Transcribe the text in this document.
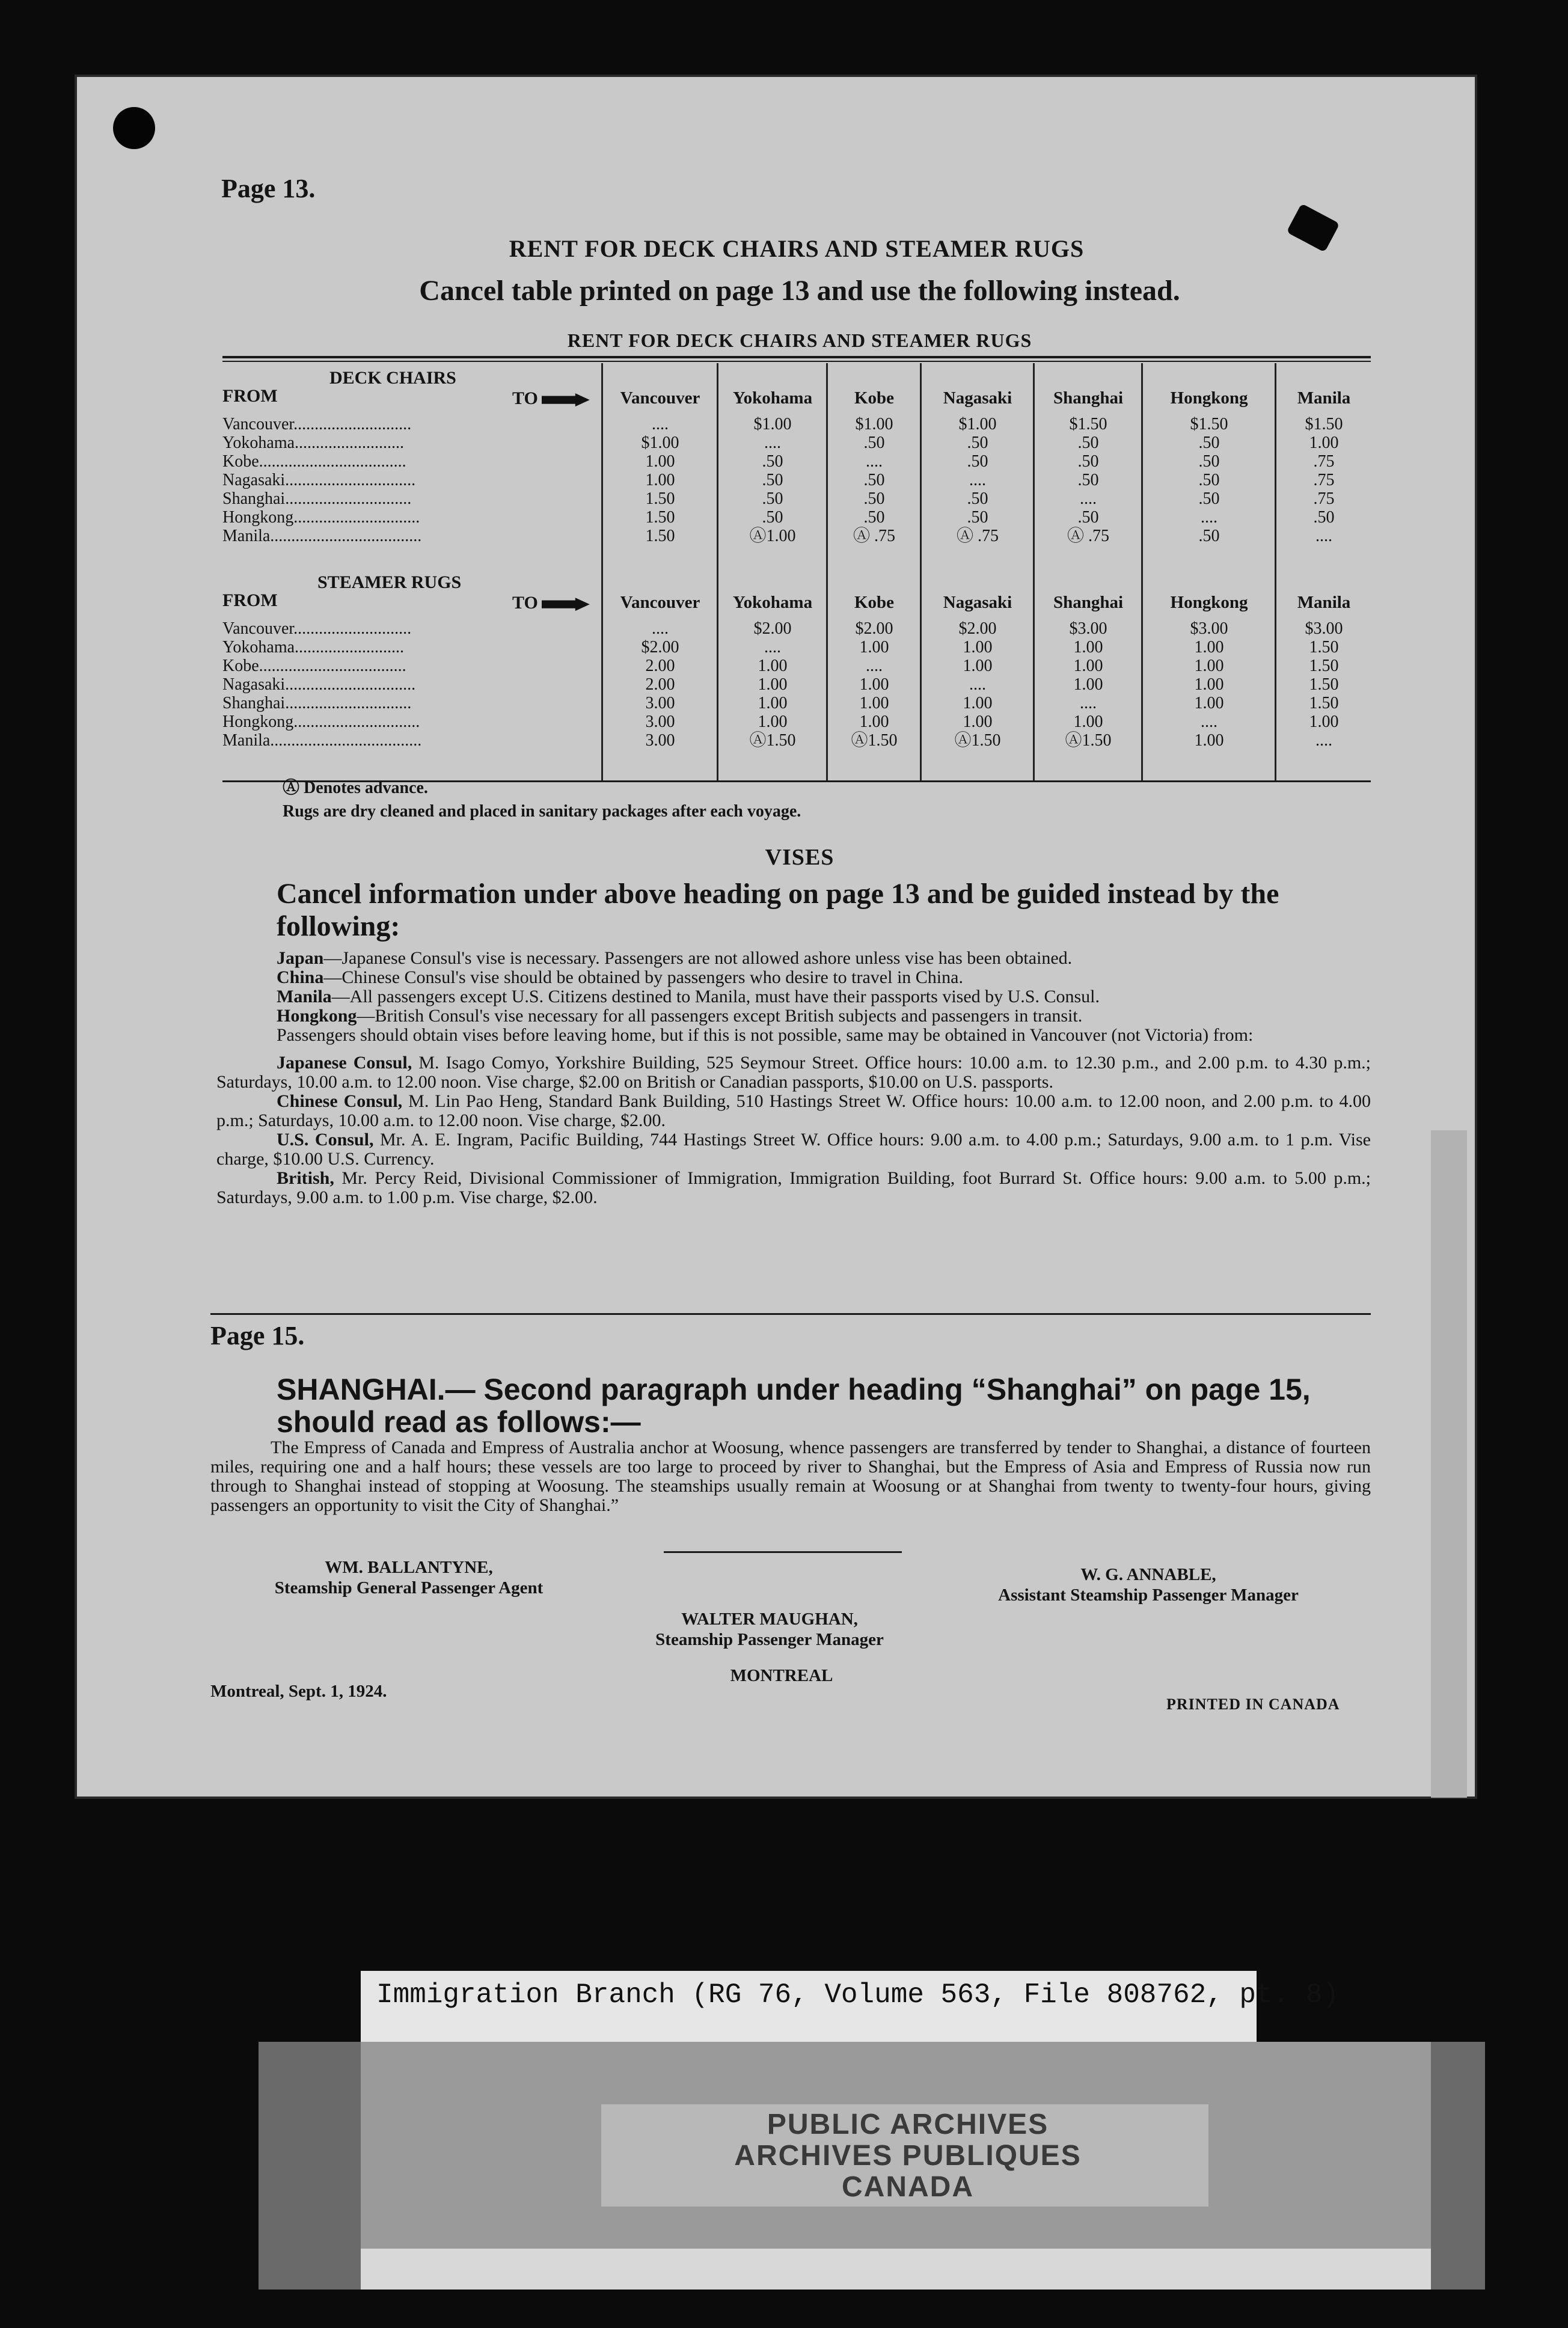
Page 13.
RENT FOR DECK CHAIRS AND STEAMER RUGS
Cancel table printed on page 13 and use the following instead.
RENT FOR DECK CHAIRS AND STEAMER RUGS
DECK CHAIRS
FROM	TO
Vancouver............................
Yokohama..........................
Kobe...................................
Nagasaki...............................
Shanghai..............................
Hongkong..............................
Manila....................................
Vancouver
....
$1.00
1.00
1.00
1.50
1.50
1.50
Yokohama
$1.00
....
.50
.50
.50
.50
Ⓐ1.00
Kobe
$1.00
.50
....
.50
.50
.50
Ⓐ .75
Nagasaki
$1.00
.50
.50
....
.50
.50
Ⓐ .75
Shanghai
$1.50
.50
.50
.50
....
.50
Ⓐ .75
Hongkong
$1.50
.50
.50
.50
.50
....
.50
Manila
$1.50
1.00
.75
.75
.75
.50
....
STEAMER RUGS
FROM	TO
Vancouver............................
Yokohama..........................
Kobe...................................
Nagasaki...............................
Shanghai..............................
Hongkong..............................
Manila....................................
Vancouver
....
$2.00
2.00
2.00
3.00
3.00
3.00
Yokohama
$2.00
....
1.00
1.00
1.00
1.00
Ⓐ1.50
Kobe
$2.00
1.00
....
1.00
1.00
1.00
Ⓐ1.50
Nagasaki
$2.00
1.00
1.00
....
1.00
1.00
Ⓐ1.50
Shanghai
$3.00
1.00
1.00
1.00
....
1.00
Ⓐ1.50
Hongkong
$3.00
1.00
1.00
1.00
1.00
....
1.00
Manila
$3.00
1.50
1.50
1.50
1.50
1.00
....
Ⓐ Denotes advance.
Rugs are dry cleaned and placed in sanitary packages after each voyage.
VISES
Cancel information under above heading on page 13 and be guided instead by the following:

Japan—Japanese Consul's vise is necessary. Passengers are not allowed ashore unless vise has been obtained.

China—Chinese Consul's vise should be obtained by passengers who desire to travel in China.

Manila—All passengers except U.S. Citizens destined to Manila, must have their passports vised by U.S. Consul.

Hongkong—British Consul's vise necessary for all passengers except British subjects and passengers in transit.

Passengers should obtain vises before leaving home, but if this is not possible, same may be obtained in Vancouver (not Victoria) from:

Japanese Consul, M. Isago Comyo, Yorkshire Building, 525 Seymour Street. Office hours: 10.00 a.m. to 12.30 p.m., and 2.00 p.m. to 4.30 p.m.; Saturdays, 10.00 a.m. to 12.00 noon. Vise charge, $2.00 on British or Canadian passports, $10.00 on U.S. passports.

Chinese Consul, M. Lin Pao Heng, Standard Bank Building, 510 Hastings Street W. Office hours: 10.00 a.m. to 12.00 noon, and 2.00 p.m. to 4.00 p.m.; Saturdays, 10.00 a.m. to 12.00 noon. Vise charge, $2.00.

U.S. Consul, Mr. A. E. Ingram, Pacific Building, 744 Hastings Street W. Office hours: 9.00 a.m. to 4.00 p.m.; Saturdays, 9.00 a.m. to 1 p.m. Vise charge, $10.00 U.S. Currency.

British, Mr. Percy Reid, Divisional Commissioner of Immigration, Immigration Building, foot Burrard St. Office hours: 9.00 a.m. to 5.00 p.m.; Saturdays, 9.00 a.m. to 1.00 p.m. Vise charge, $2.00.

Page 15.
SHANGHAI.— Second paragraph under heading “Shanghai” on page 15, should read as follows:—
The Empress of Canada and Empress of Australia anchor at Woosung, whence passengers are transferred by tender to Shanghai, a distance of fourteen miles, requiring one and a half hours; these vessels are too large to proceed by river to Shanghai, but the Empress of Asia and Empress of Russia now run through to Shanghai instead of stopping at Woosung. The steamships usually remain at Woosung or at Shanghai from twenty to twenty-four hours, giving passengers an opportunity to visit the City of Shanghai.”
WM. BALLANTYNE,
Steamship General Passenger Agent
W. G. ANNABLE,
Assistant Steamship Passenger Manager
WALTER MAUGHAN,
Steamship Passenger Manager
MONTREAL
Montreal, Sept. 1, 1924.
PRINTED IN CANADA
Immigration Branch (RG 76, Volume 563, File 808762, pt. 8)
PUBLIC ARCHIVES
ARCHIVES PUBLIQUES
CANADA
